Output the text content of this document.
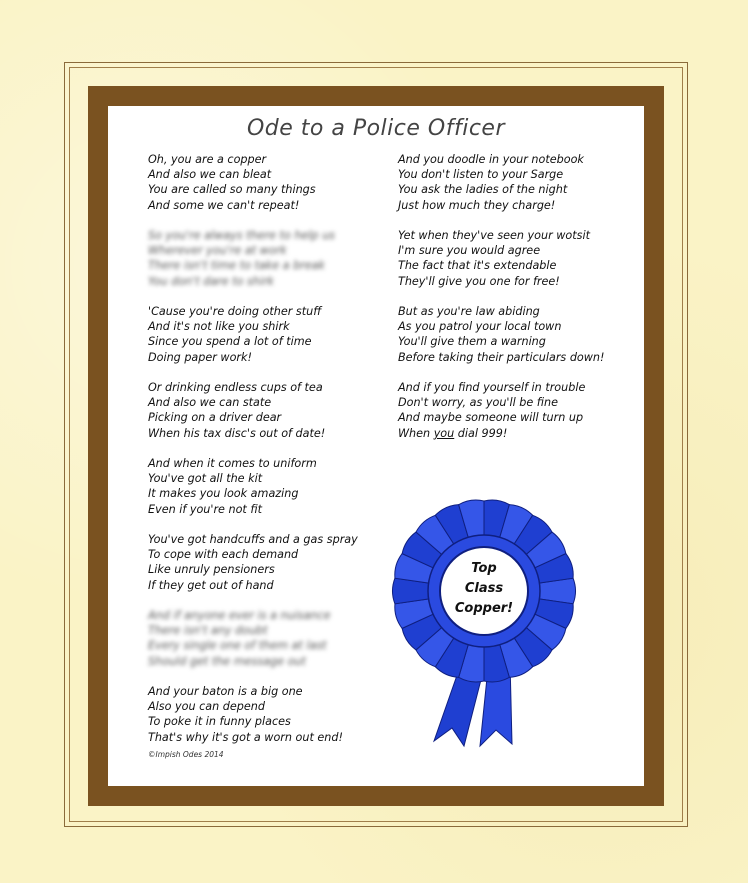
Ode to a Police Officer
Oh, you are a copper
And also we can bleat
You are called so many things
And some we can't repeat!
So you're always there to help us
Wherever you're at work
There isn't time to take a break
You don't dare to shirk
'Cause you're doing other stuff
And it's not like you shirk
Since you spend a lot of time
Doing paper work!
Or drinking endless cups of tea
And also we can state
Picking on a driver dear
When his tax disc's out of date!
And when it comes to uniform
You've got all the kit
It makes you look amazing
Even if you're not fit
You've got handcuffs and a gas spray
To cope with each demand
Like unruly pensioners
If they get out of hand
And if anyone ever is a nuisance
There isn't any doubt
Every single one of them at last
Should get the message out
And your baton is a big one
Also you can depend
To poke it in funny places
That's why it's got a worn out end!
And you doodle in your notebook
You don't listen to your Sarge
You ask the ladies of the night
Just how much they charge!
Yet when they've seen your wotsit
I'm sure you would agree
The fact that it's extendable
They'll give you one for free!
But as you're law abiding
As you patrol your local town
You'll give them a warning
Before taking their particulars down!
And if you find yourself in trouble
Don't worry, as you'll be fine
And maybe someone will turn up
When you dial 999!
Top
Class
Copper!
©Impish Odes 2014
